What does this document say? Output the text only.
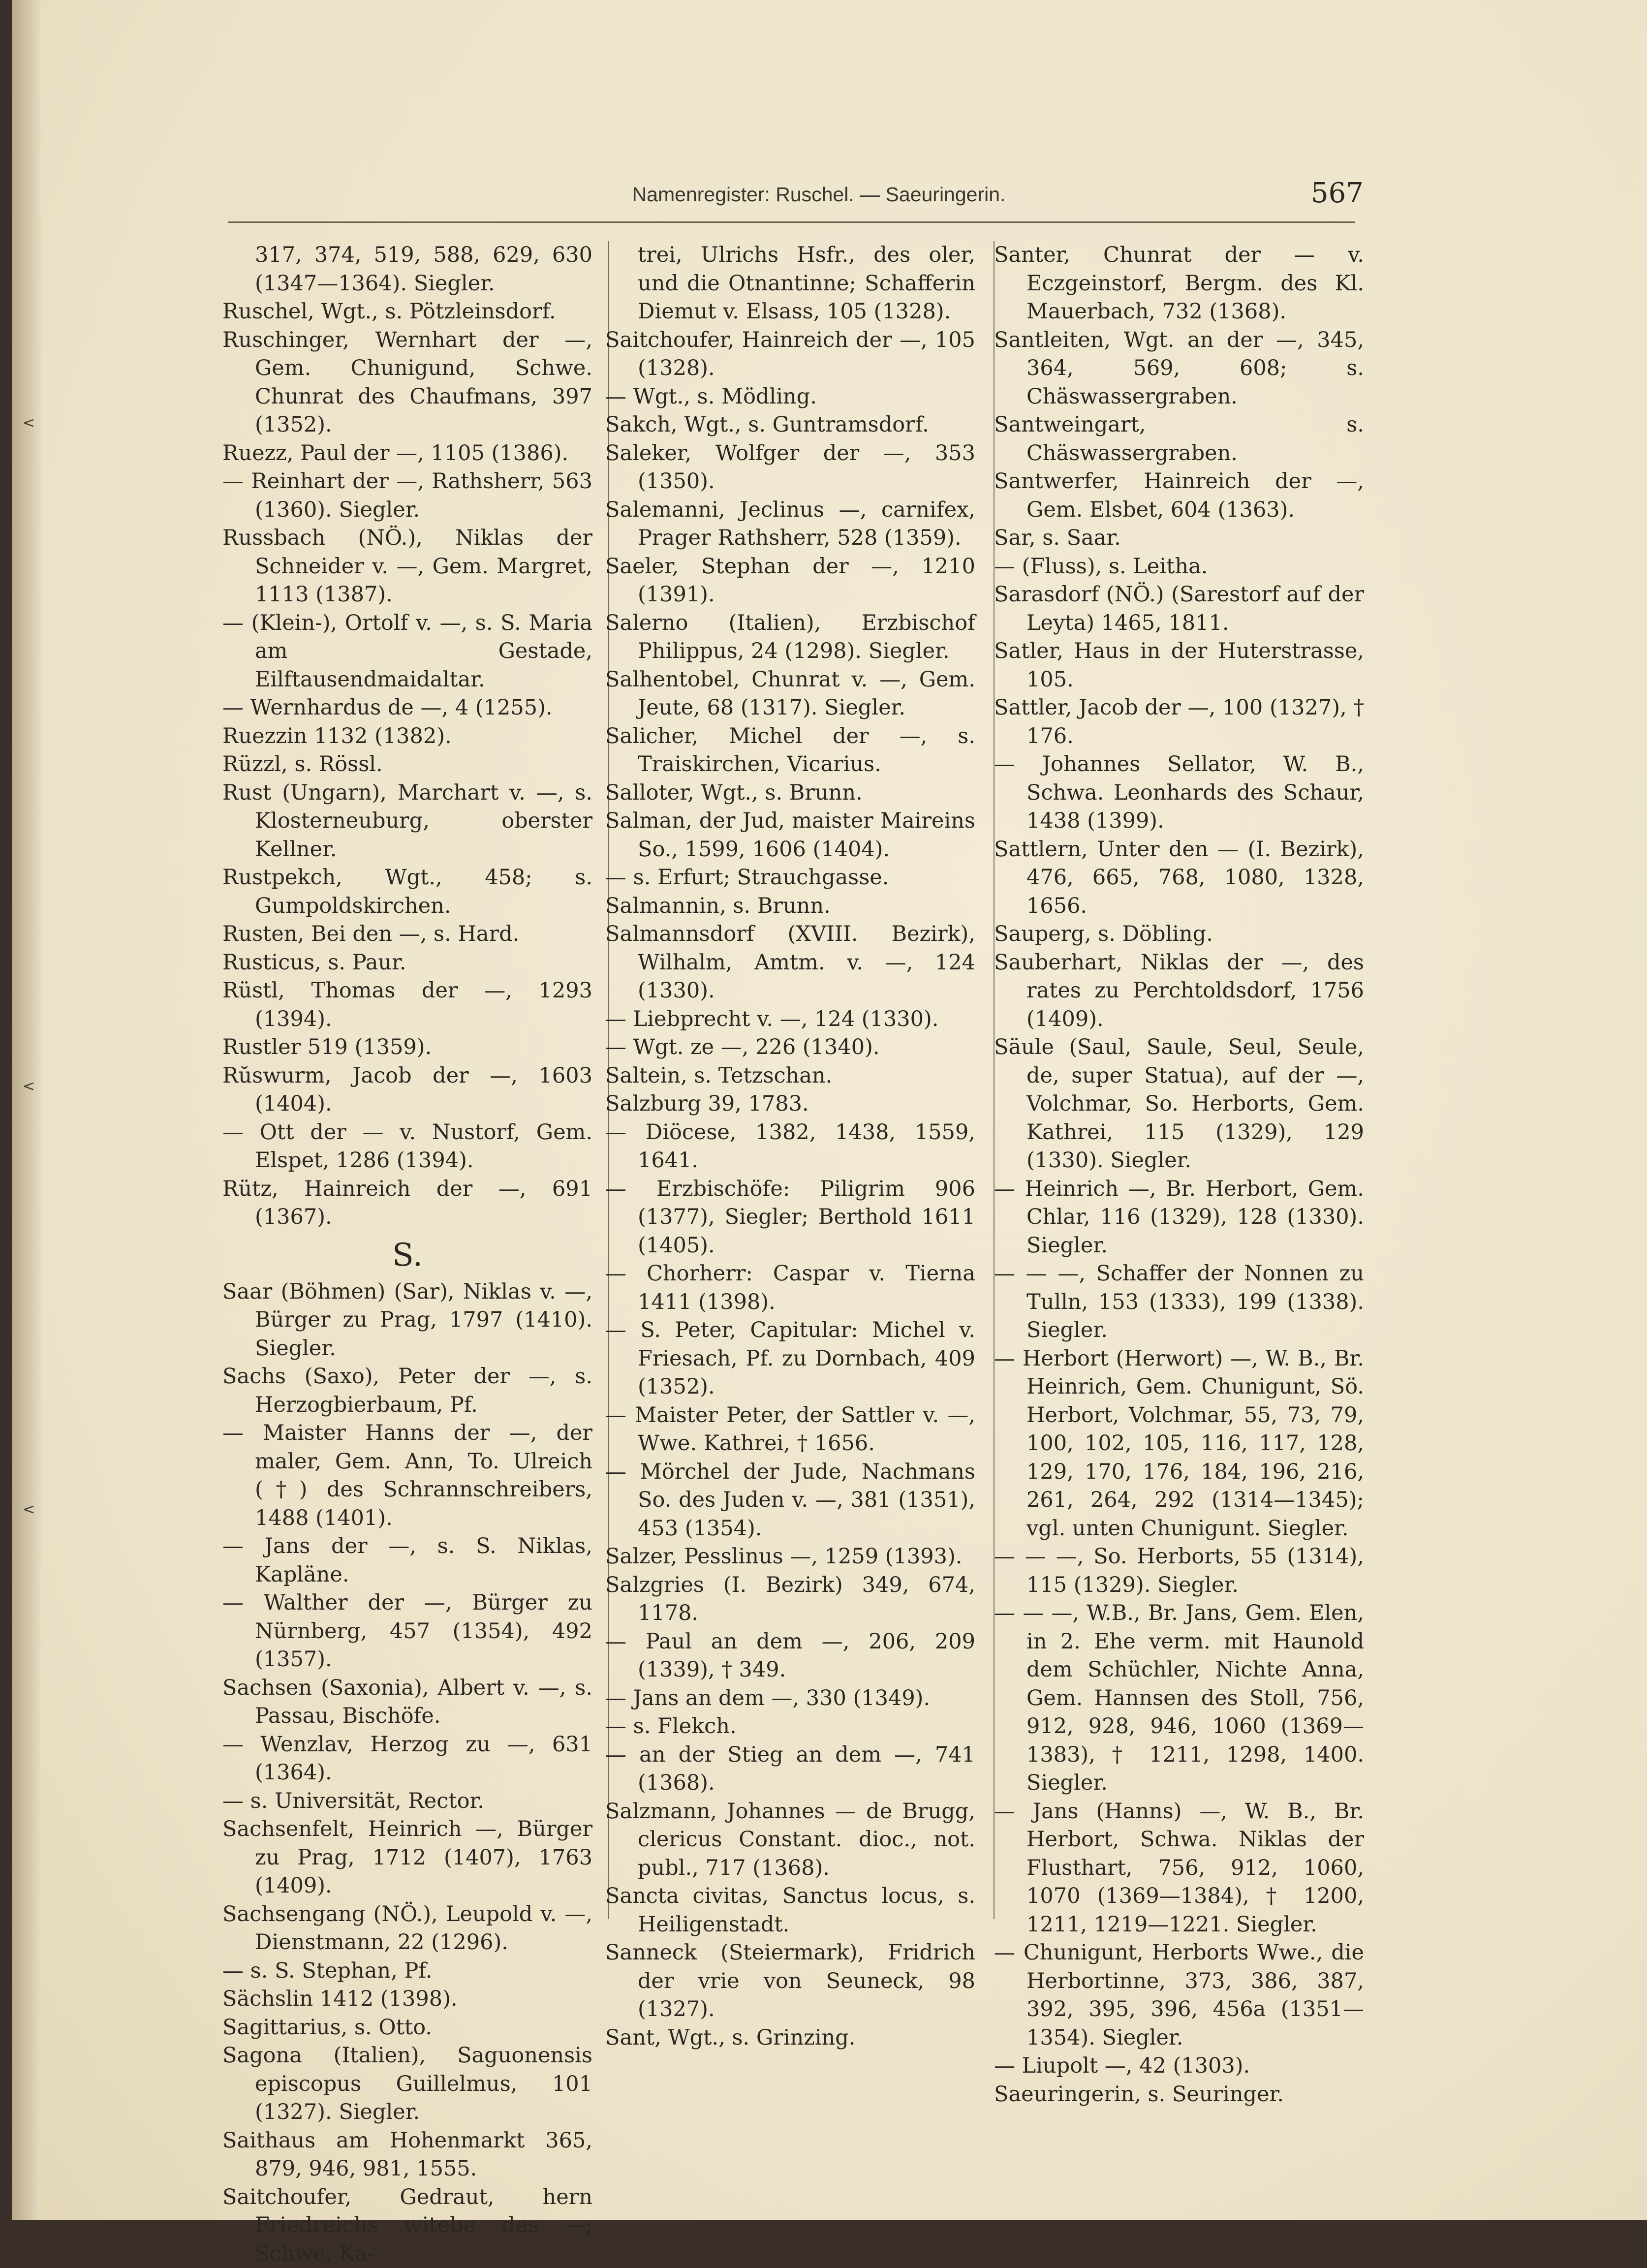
Namenregister: Ruschel. — Saeuringerin.	567
<
<
<
317, 374, 519, 588, 629, 630 (1347—1364). Siegler.
Ruschel, Wgt., s. Pötzleinsdorf.
Ruschinger, Wernhart der —, Gem. Chunigund, Schwe. Chunrat des Chaufmans, 397 (1352).
Ruezz, Paul der —, 1105 (1386).
— Reinhart der —, Rathsherr, 563 (1360). Siegler.
Russbach (NÖ.), Niklas der Schneider v. —, Gem. Margret, 1113 (1387).
— (Klein-), Ortolf v. —, s. S. Maria am Gestade, Eilftausendmaidaltar.
— Wernhardus de —, 4 (1255).
Ruezzin 1132 (1382).
Rüzzl, s. Rössl.
Rust (Ungarn), Marchart v. —, s. Klosterneuburg, oberster Kellner.
Rustpekch, Wgt., 458; s. Gumpoldskirchen.
Rusten, Bei den —, s. Hard.
Rusticus, s. Paur.
Rüstl, Thomas der —, 1293 (1394).
Rustler 519 (1359).
Rŭswurm, Jacob der —, 1603 (1404).
— Ott der — v. Nustorf, Gem. Elspet, 1286 (1394).
Rütz, Hainreich der —, 691 (1367).
S.
Saar (Böhmen) (Sar), Niklas v. —, Bürger zu Prag, 1797 (1410). Siegler.
Sachs (Saxo), Peter der —, s. Herzogbierbaum, Pf.
— Maister Hanns der —, der maler, Gem. Ann, To. Ulreich (†) des Schrannschreibers, 1488 (1401).
— Jans der —, s. S. Niklas, Kapläne.
— Walther der —, Bürger zu Nürnberg, 457 (1354), 492 (1357).
Sachsen (Saxonia), Albert v. —, s. Passau, Bischöfe.
— Wenzlav, Herzog zu —, 631 (1364).
— s. Universität, Rector.
Sachsenfelt, Heinrich —, Bürger zu Prag, 1712 (1407), 1763 (1409).
Sachsengang (NÖ.), Leupold v. —, Dienstmann, 22 (1296).
— s. S. Stephan, Pf.
Sächslin 1412 (1398).
Sagittarius, s. Otto.
Sagona (Italien), Saguonensis episcopus Guillelmus, 101 (1327). Siegler.
Saithaus am Hohenmarkt 365, 879, 946, 981, 1555.
Saitchoufer, Gedraut, hern Friedreichs witebe des —; Schwe. Ka-
trei, Ulrichs Hsfr., des oler, und die Otnantinne; Schafferin Diemut v. Elsass, 105 (1328).
Saitchoufer, Hainreich der —, 105 (1328).
— Wgt., s. Mödling.
Sakch, Wgt., s. Guntramsdorf.
Saleker, Wolfger der —, 353 (1350).
Salemanni, Jeclinus —, carnifex, Prager Rathsherr, 528 (1359).
Saeler, Stephan der —, 1210 (1391).
Salerno (Italien), Erzbischof Philippus, 24 (1298). Siegler.
Salhentobel, Chunrat v. —, Gem. Jeute, 68 (1317). Siegler.
Salicher, Michel der —, s. Traiskirchen, Vicarius.
Salloter, Wgt., s. Brunn.
Salman, der Jud, maister Maireins So., 1599, 1606 (1404).
— s. Erfurt; Strauchgasse.
Salmannin, s. Brunn.
Salmannsdorf (XVIII. Bezirk), Wilhalm, Amtm. v. —, 124 (1330).
— Liebprecht v. —, 124 (1330).
— Wgt. ze —, 226 (1340).
Saltein, s. Tetzschan.
Salzburg 39, 1783.
— Diöcese, 1382, 1438, 1559, 1641.
— Erzbischöfe: Piligrim 906 (1377), Siegler; Berthold 1611 (1405).
— Chorherr: Caspar v. Tierna 1411 (1398).
— S. Peter, Capitular: Michel v. Friesach, Pf. zu Dornbach, 409 (1352).
— Maister Peter, der Sattler v. —, Wwe. Kathrei, † 1656.
— Mörchel der Jude, Nachmans So. des Juden v. —, 381 (1351), 453 (1354).
Salzer, Pesslinus —, 1259 (1393).
Salzgries (I. Bezirk) 349, 674, 1178.
— Paul an dem —, 206, 209 (1339), † 349.
— Jans an dem —, 330 (1349).
— s. Flekch.
— an der Stieg an dem —, 741 (1368).
Salzmann, Johannes — de Brugg, clericus Constant. dioc., not. publ., 717 (1368).
Sancta civitas, Sanctus locus, s. Heiligenstadt.
Sanneck (Steiermark), Fridrich der vrie von Seuneck, 98 (1327).
Sant, Wgt., s. Grinzing.
Santer, Chunrat der — v. Eczgeinstorf, Bergm. des Kl. Mauerbach, 732 (1368).
Santleiten, Wgt. an der —, 345, 364, 569, 608; s. Chäswassergraben.
Santweingart, s. Chäswassergraben.
Santwerfer, Hainreich der —, Gem. Elsbet, 604 (1363).
Sar, s. Saar.
— (Fluss), s. Leitha.
Sarasdorf (NÖ.) (Sarestorf auf der Leyta) 1465, 1811.
Satler, Haus in der Huterstrasse, 105.
Sattler, Jacob der —, 100 (1327), † 176.
— Johannes Sellator, W. B., Schwa. Leonhards des Schaur, 1438 (1399).
Sattlern, Unter den — (I. Bezirk), 476, 665, 768, 1080, 1328, 1656.
Sauperg, s. Döbling.
Sauberhart, Niklas der —, des rates zu Perchtoldsdorf, 1756 (1409).
Säule (Saul, Saule, Seul, Seule, de, super Statua), auf der —, Volchmar, So. Herborts, Gem. Kathrei, 115 (1329), 129 (1330). Siegler.
— Heinrich —, Br. Herbort, Gem. Chlar, 116 (1329), 128 (1330). Siegler.
— — —, Schaffer der Nonnen zu Tulln, 153 (1333), 199 (1338). Siegler.
— Herbort (Herwort) —, W. B., Br. Heinrich, Gem. Chunigunt, Sö. Herbort, Volchmar, 55, 73, 79, 100, 102, 105, 116, 117, 128, 129, 170, 176, 184, 196, 216, 261, 264, 292 (1314—1345); vgl. unten Chunigunt. Siegler.
— — —, So. Herborts, 55 (1314), 115 (1329). Siegler.
— — —, W.B., Br. Jans, Gem. Elen, in 2. Ehe verm. mit Haunold dem Schüchler, Nichte Anna, Gem. Hannsen des Stoll, 756, 912, 928, 946, 1060 (1369—1383), † 1211, 1298, 1400. Siegler.
— Jans (Hanns) —, W. B., Br. Herbort, Schwa. Niklas der Flusthart, 756, 912, 1060, 1070 (1369—1384), † 1200, 1211, 1219—1221. Siegler.
— Chunigunt, Herborts Wwe., die Herbortinne, 373, 386, 387, 392, 395, 396, 456a (1351—1354). Siegler.
— Liupolt —, 42 (1303).
Saeuringerin, s. Seuringer.
